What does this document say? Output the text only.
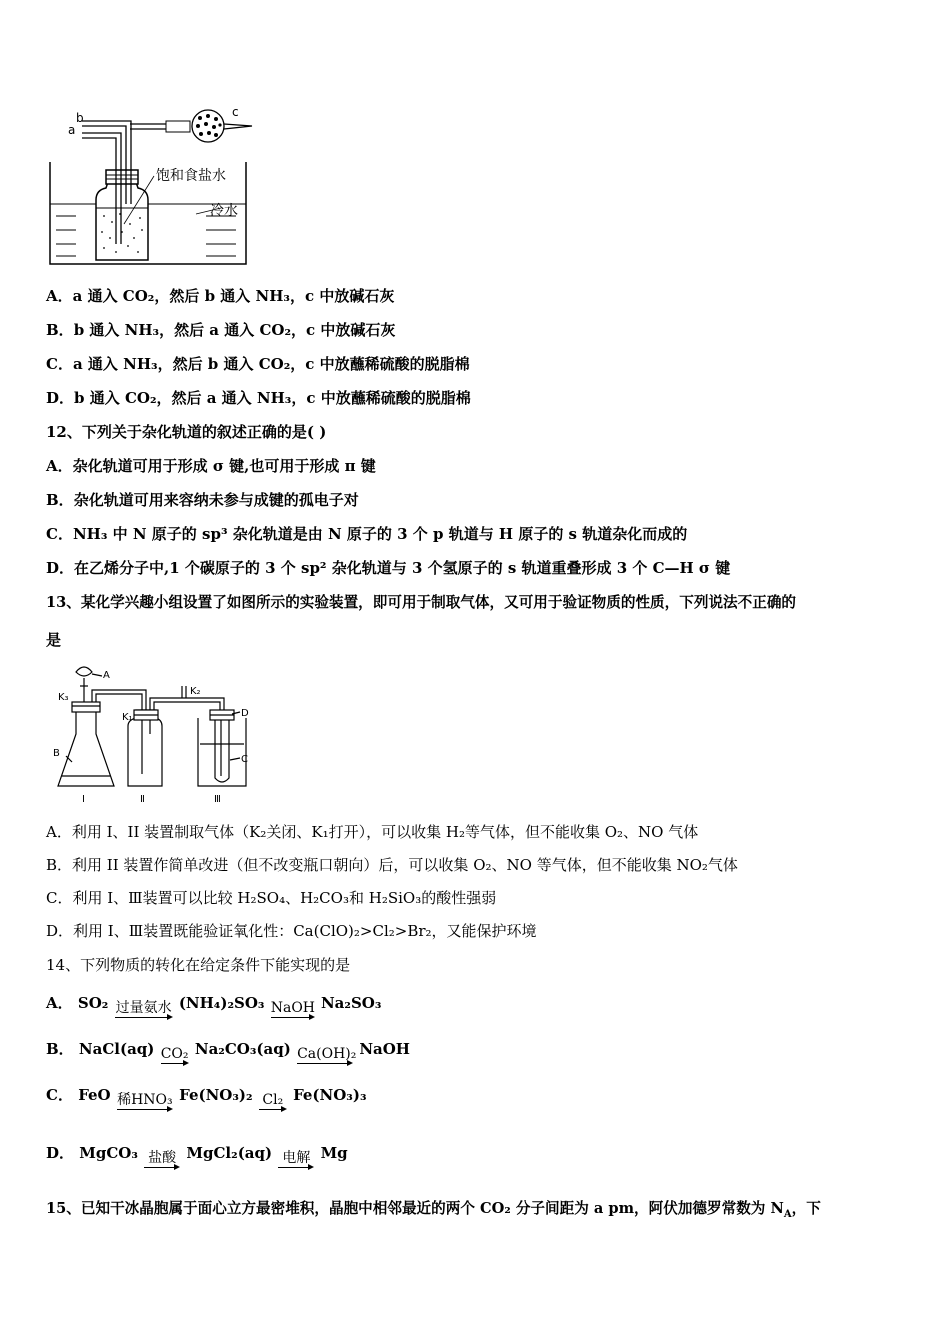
a
b	c
饱和食盐水
冷水
A．a 通入 CO₂，然后 b 通入 NH₃，c 中放碱石灰
B．b 通入 NH₃，然后 a 通入 CO₂，c 中放碱石灰
C．a 通入 NH₃，然后 b 通入 CO₂，c 中放蘸稀硫酸的脱脂棉
D．b 通入 CO₂，然后 a 通入 NH₃，c 中放蘸稀硫酸的脱脂棉
12、下列关于杂化轨道的叙述正确的是( )
A．杂化轨道可用于形成 σ 键,也可用于形成 π 键
B．杂化轨道可用来容纳未参与成键的孤电子对
C．NH₃ 中 N 原子的 sp³ 杂化轨道是由 N 原子的 3 个 p 轨道与 H 原子的 s 轨道杂化而成的
D．在乙烯分子中,1 个碳原子的 3 个 sp² 杂化轨道与 3 个氢原子的 s 轨道重叠形成 3 个 C—H σ 键
13、某化学兴趣小组设置了如图所示的实验装置，即可用于制取气体，又可用于验证物质的性质，下列说法不正确的
是
A
K₃
K₁
K₂
D
B
C
Ⅰ	Ⅱ	Ⅲ
A．利用 I、II 装置制取气体（K₂关闭、K₁打开），可以收集 H₂等气体，但不能收集 O₂、NO 气体
B．利用 II 装置作简单改进（但不改变瓶口朝向）后，可以收集 O₂、NO 等气体，但不能收集 NO₂气体
C．利用 I、Ⅲ装置可以比较 H₂SO₄、H₂CO₃和 H₂SiO₃的酸性强弱
D．利用 I、Ⅲ装置既能验证氧化性：Ca(ClO)₂>Cl₂>Br₂，又能保护环境
14、下列物质的转化在给定条件下能实现的是
A． SO₂ 过量氨水 (NH₄)₂SO₃ NaOH Na₂SO₃
B． NaCl(aq) CO₂ Na₂CO₃(aq) Ca(OH)₂ NaOH
C． FeO 稀HNO₃ Fe(NO₃)₂ Cl₂ Fe(NO₃)₃
D． MgCO₃ 盐酸 MgCl₂(aq) 电解 Mg
15、已知干冰晶胞属于面心立方最密堆积，晶胞中相邻最近的两个 CO₂ 分子间距为 a pm，阿伏加德罗常数为 $N_A$，下
